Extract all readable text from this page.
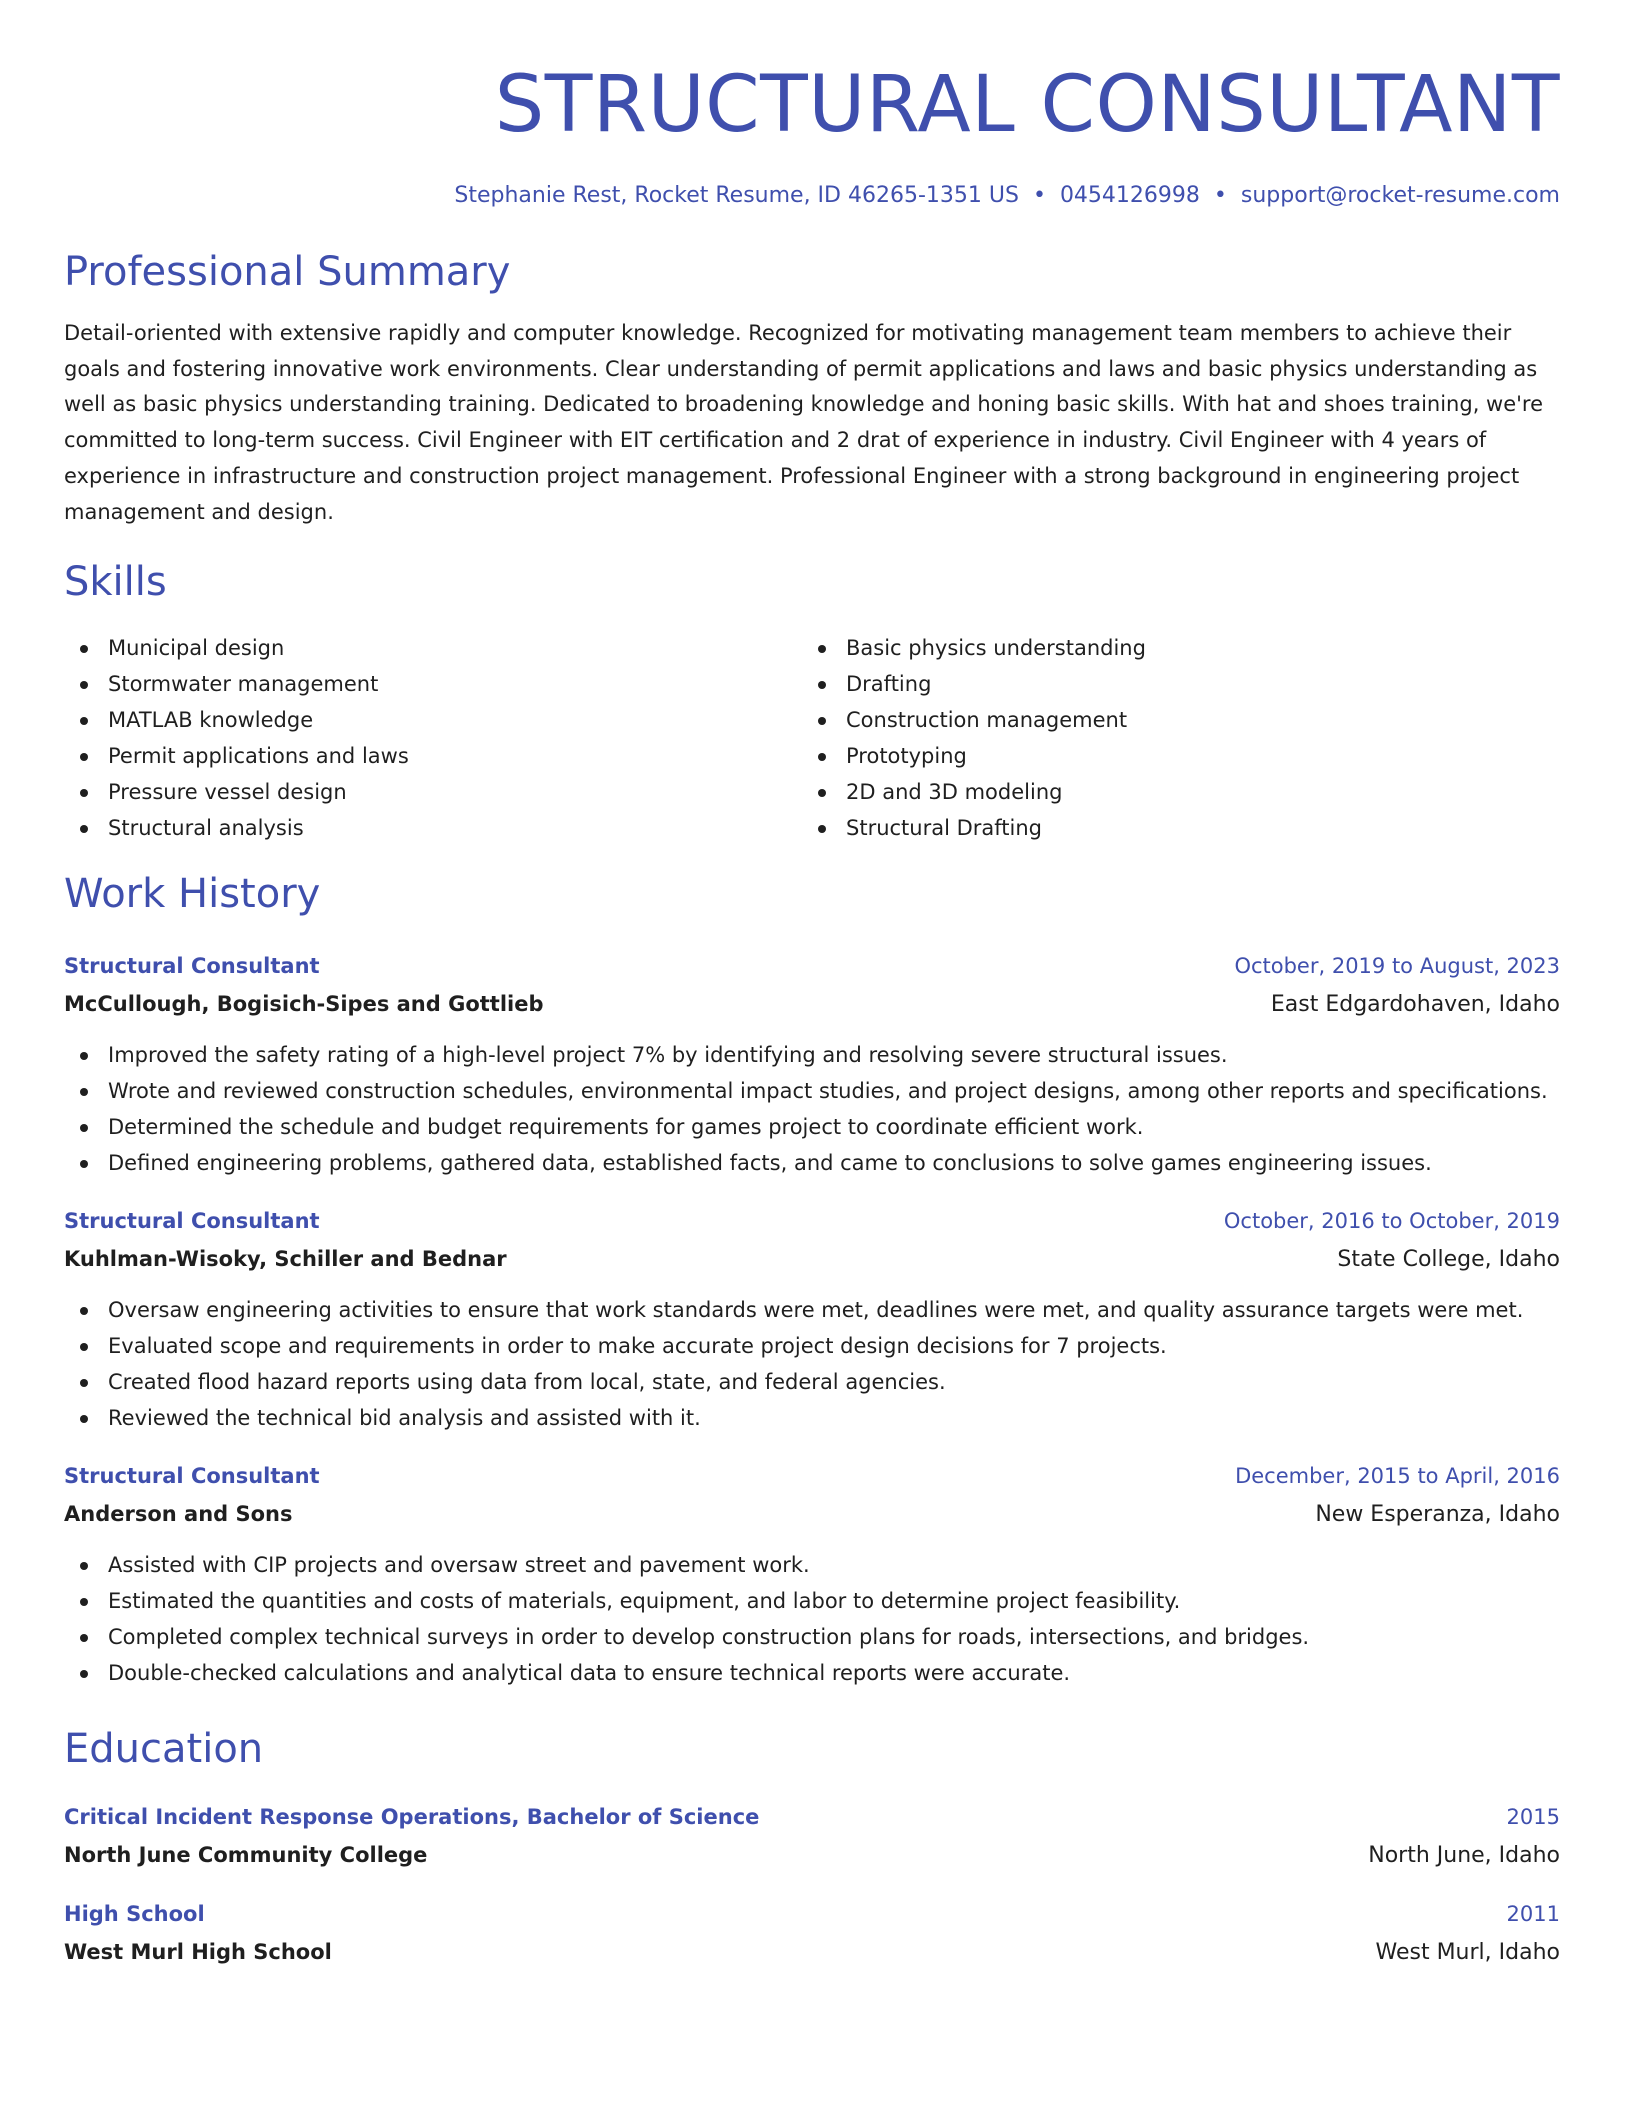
STRUCTURAL CONSULTANT
Stephanie Rest, Rocket Resume, ID 46265-1351 US • 0454126998 • support@rocket-resume.com
Professional Summary

Detail-oriented with extensive rapidly and computer knowledge. Recognized for motivating management team members to achieve their goals and fostering innovative work environments. Clear understanding of permit applications and laws and basic physics understanding as well as basic physics understanding training. Dedicated to broadening knowledge and honing basic skills. With hat and shoes training, we're committed to long-term success. Civil Engineer with EIT certification and 2 drat of experience in industry. Civil Engineer with 4 years of experience in infrastructure and construction project management. Professional Engineer with a strong background in engineering project management and design.

Skills
Municipal design
Stormwater management
MATLAB knowledge
Permit applications and laws
Pressure vessel design
Structural analysis
Basic physics understanding
Drafting
Construction management
Prototyping
2D and 3D modeling
Structural Drafting
Work History
Structural Consultant	October, 2019 to August, 2023
McCullough, Bogisich-Sipes and Gottlieb	East Edgardohaven, Idaho
Improved the safety rating of a high-level project 7% by identifying and resolving severe structural issues.
Wrote and reviewed construction schedules, environmental impact studies, and project designs, among other reports and specifications.
Determined the schedule and budget requirements for games project to coordinate efficient work.
Defined engineering problems, gathered data, established facts, and came to conclusions to solve games engineering issues.
Structural Consultant	October, 2016 to October, 2019
Kuhlman-Wisoky, Schiller and Bednar	State College, Idaho
Oversaw engineering activities to ensure that work standards were met, deadlines were met, and quality assurance targets were met.
Evaluated scope and requirements in order to make accurate project design decisions for 7 projects.
Created flood hazard reports using data from local, state, and federal agencies.
Reviewed the technical bid analysis and assisted with it.
Structural Consultant	December, 2015 to April, 2016
Anderson and Sons	New Esperanza, Idaho
Assisted with CIP projects and oversaw street and pavement work.
Estimated the quantities and costs of materials, equipment, and labor to determine project feasibility.
Completed complex technical surveys in order to develop construction plans for roads, intersections, and bridges.
Double-checked calculations and analytical data to ensure technical reports were accurate.
Education
Critical Incident Response Operations, Bachelor of Science	2015
North June Community College	North June, Idaho
High School	2011
West Murl High School	West Murl, Idaho
